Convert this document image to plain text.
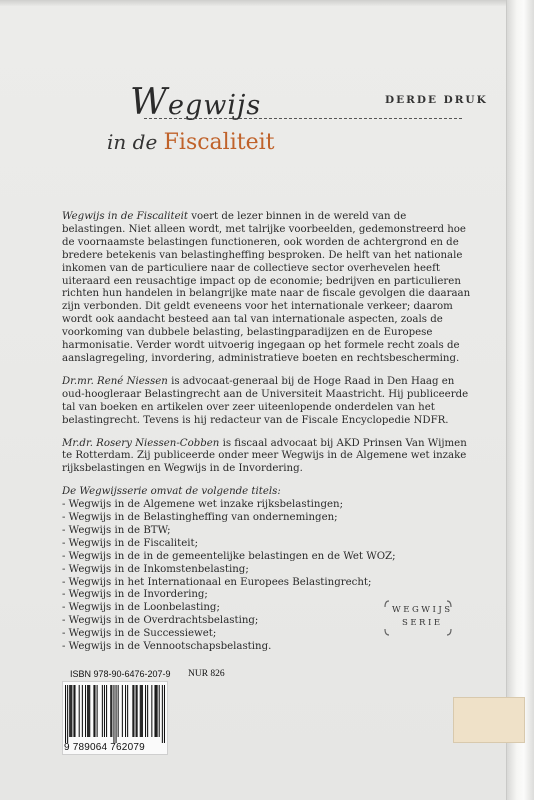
Wegwijs	DERDE DRUK
in de Fiscaliteit

Wegwijs in de Fiscaliteit voert de lezer binnen in de wereld van de belastingen. Niet alleen wordt, met talrijke voorbeelden, gedemonstreerd hoe de voornaamste belastingen functioneren, ook worden de achtergrond en de bredere betekenis van belastingheffing besproken. De helft van het nationale inkomen van de particuliere naar de collectieve sector overhevelen heeft uiteraard een reusachtige impact op de economie; bedrijven en particulieren richten hun handelen in belangrijke mate naar de fiscale gevolgen die daaraan zijn verbonden. Dit geldt eveneens voor het internationale verkeer; daarom wordt ook aandacht besteed aan tal van internationale aspecten, zoals de voorkoming van dubbele belasting, belastingparadijzen en de Europese harmonisatie. Verder wordt uitvoerig ingegaan op het formele recht zoals de aanslagregeling, invordering, administratieve boeten en rechtsbescherming.

Dr.mr. René Niessen is advocaat-generaal bij de Hoge Raad in Den Haag en oud-hoogleraar Belastingrecht aan de Universiteit Maastricht. Hij publiceerde tal van boeken en artikelen over zeer uiteenlopende onderdelen van het belastingrecht. Tevens is hij redacteur van de Fiscale Encyclopedie NDFR.

Mr.dr. Rosery Niessen-Cobben is fiscaal advocaat bij AKD Prinsen Van Wijmen te Rotterdam. Zij publiceerde onder meer Wegwijs in de Algemene wet inzake rijksbelastingen en Wegwijs in de Invordering.

De Wegwijsserie omvat de volgende titels:
- Wegwijs in de Algemene wet inzake rijksbelastingen;
- Wegwijs in de Belastingheffing van ondernemingen;
- Wegwijs in de BTW;
- Wegwijs in de Fiscaliteit;
- Wegwijs in de in de gemeentelijke belastingen en de Wet WOZ;
- Wegwijs in de Inkomstenbelasting;
- Wegwijs in het Internationaal en Europees Belastingrecht;
- Wegwijs in de Invordering;
- Wegwijs in de Loonbelasting;
- Wegwijs in de Overdrachtsbelasting;
- Wegwijs in de Successiewet;
- Wegwijs in de Vennootschapsbelasting.
WEGWIJS
SERIE
ISBN 978-90-6476-207-9 NUR 826
9 789064 762079
